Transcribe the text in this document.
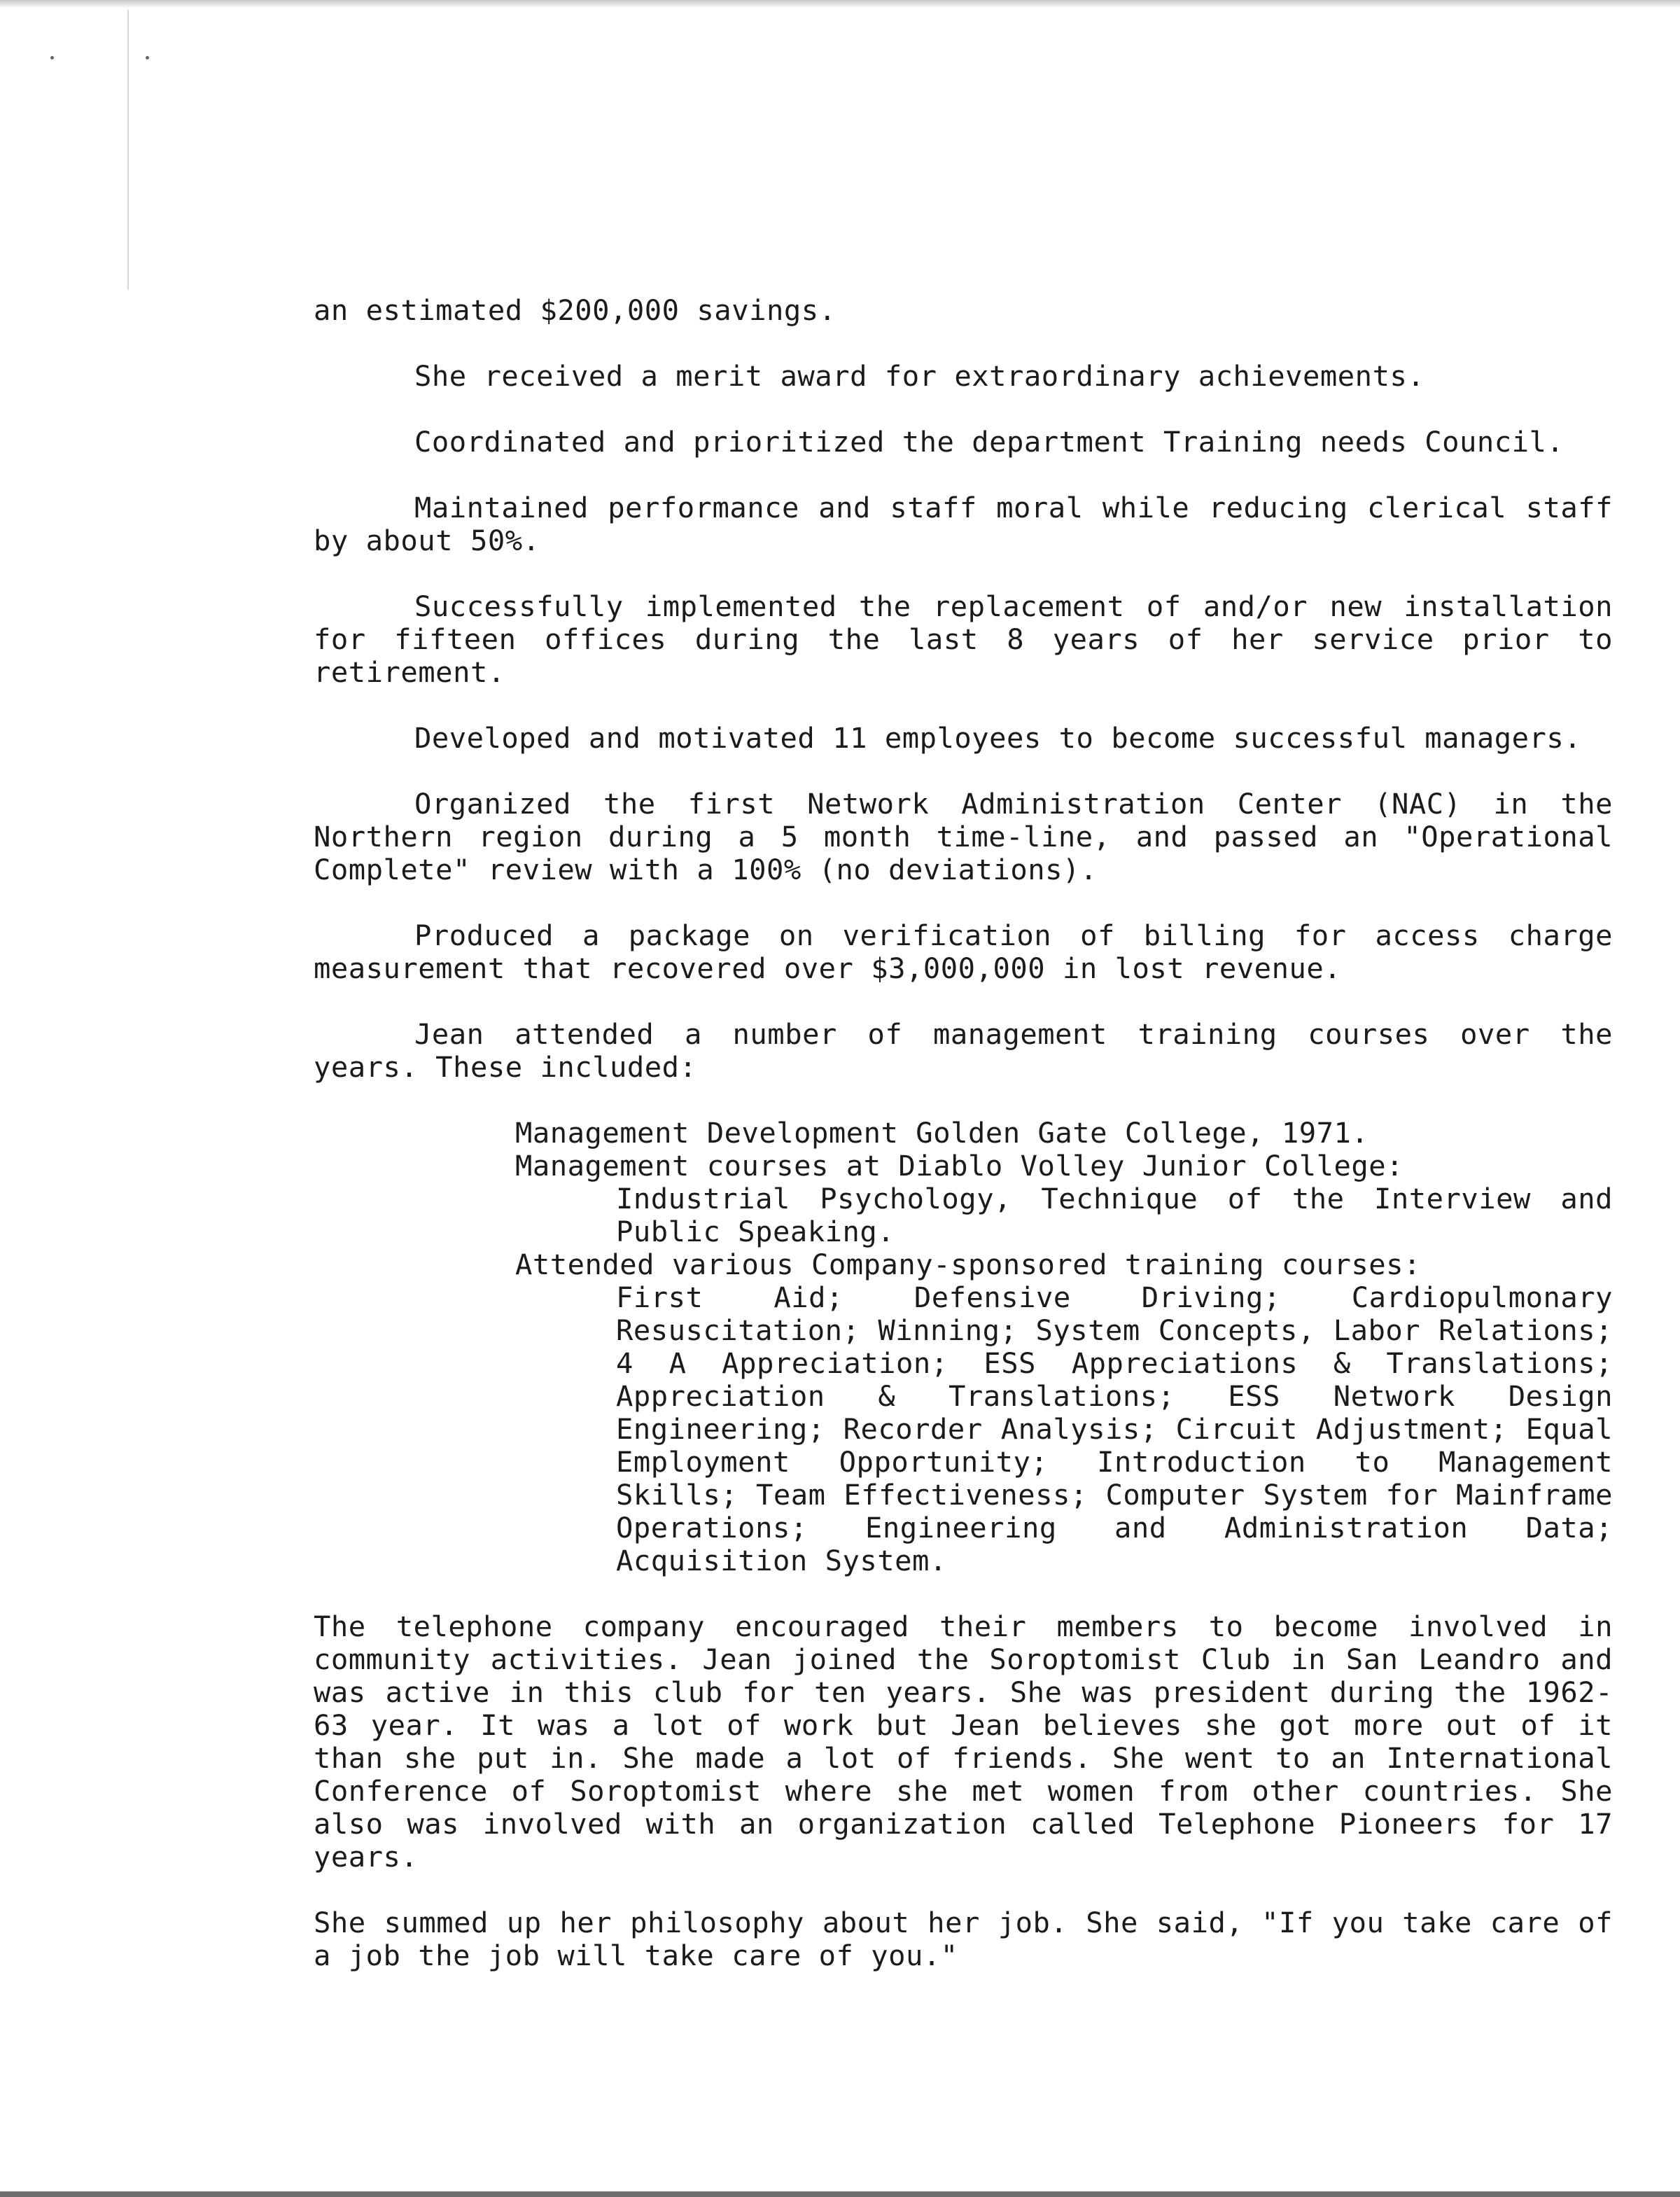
an estimated $200,000 savings.

She received a merit award for extraordinary achievements.

Coordinated and prioritized the department Training needs Council.

Maintained performance and staff moral while reducing clerical staff by about 50%.

Successfully implemented the replacement of and/or new installation for fifteen offices during the last 8 years of her service prior to retirement.

Developed and motivated 11 employees to become successful managers.

Organized the first Network Administration Center (NAC) in the Northern region during a 5 month time-line, and passed an "Operational Complete" review with a 100% (no deviations).

Produced a package on verification of billing for access charge measurement that recovered over $3,000,000 in lost revenue.

Jean attended a number of management training courses over the years. These included:

Management Development Golden Gate College, 1971.
Management courses at Diablo Volley Junior College:
Industrial Psychology, Technique of the Interview and Public Speaking.
Attended various Company-sponsored training courses:
First Aid; Defensive Driving; Cardiopulmonary Resuscitation; Winning; System Concepts, Labor Relations; 4 A Appreciation; ESS Appreciations & Translations; Appreciation & Translations; ESS Network Design Engineering; Recorder Analysis; Circuit Adjustment; Equal Employment Opportunity; Introduction to Management Skills; Team Effectiveness; Computer System for Mainframe Operations; Engineering and Administration Data; Acquisition System.

The telephone company encouraged their members to become involved in community activities. Jean joined the Soroptomist Club in San Leandro and was active in this club for ten years. She was president during the 1962-63 year. It was a lot of work but Jean believes she got more out of it than she put in. She made a lot of friends. She went to an International Conference of Soroptomist where she met women from other countries. She also was involved with an organization called Telephone Pioneers for 17 years.

She summed up her philosophy about her job. She said, "If you take care of a job the job will take care of you."
